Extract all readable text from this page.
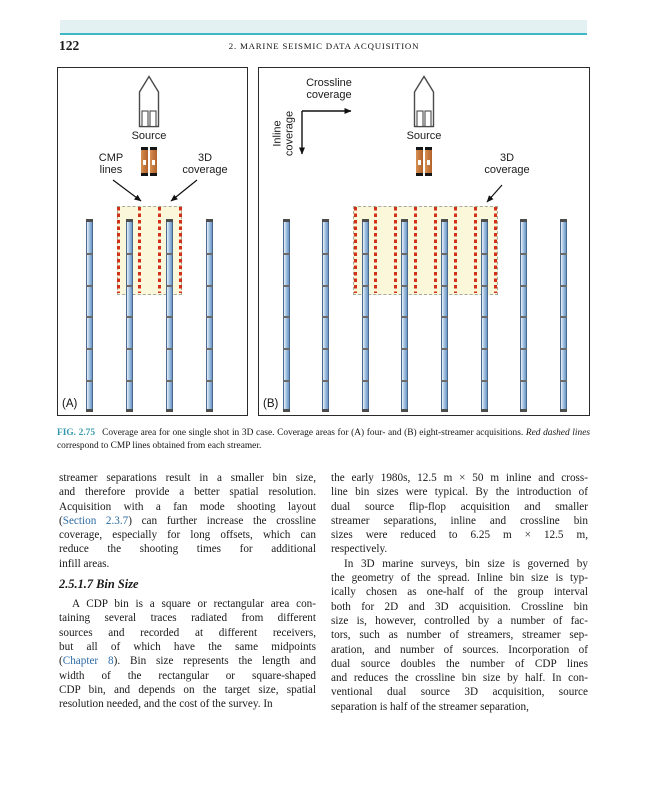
122	2. MARINE SEISMIC DATA ACQUISITION
Source
CMP
lines
3D
coverage
(A)
Source
3D
coverage
Crossline
coverage
Inline coverage
(B)
FIG. 2.75 Coverage area for one single shot in 3D case. Coverage areas for (A) four- and (B) eight-streamer acquisitions. Red dashed lines correspond to CMP lines obtained from each streamer.
streamer separations result in a smaller bin size,
and therefore provide a better spatial resolution.
Acquisition with a fan mode shooting layout
(Section 2.3.7) can further increase the crossline
coverage, especially for long offsets, which can
reduce the shooting times for additional
infill areas.
2.5.1.7 Bin Size
A CDP bin is a square or rectangular area con-
taining several traces radiated from different
sources and recorded at different receivers,
but all of which have the same midpoints
(Chapter 8). Bin size represents the length and
width of the rectangular or square-shaped
CDP bin, and depends on the target size, spatial
resolution needed, and the cost of the survey. In
the early 1980s, 12.5 m × 50 m inline and cross-
line bin sizes were typical. By the introduction of
dual source flip-flop acquisition and smaller
streamer separations, inline and crossline bin
sizes were reduced to 6.25 m × 12.5 m,
respectively.
In 3D marine surveys, bin size is governed by
the geometry of the spread. Inline bin size is typ-
ically chosen as one-half of the group interval
both for 2D and 3D acquisition. Crossline bin
size is, however, controlled by a number of fac-
tors, such as number of streamers, streamer sep-
aration, and number of sources. Incorporation of
dual source doubles the number of CDP lines
and reduces the crossline bin size by half. In con-
ventional dual source 3D acquisition, source
separation is half of the streamer separation,
